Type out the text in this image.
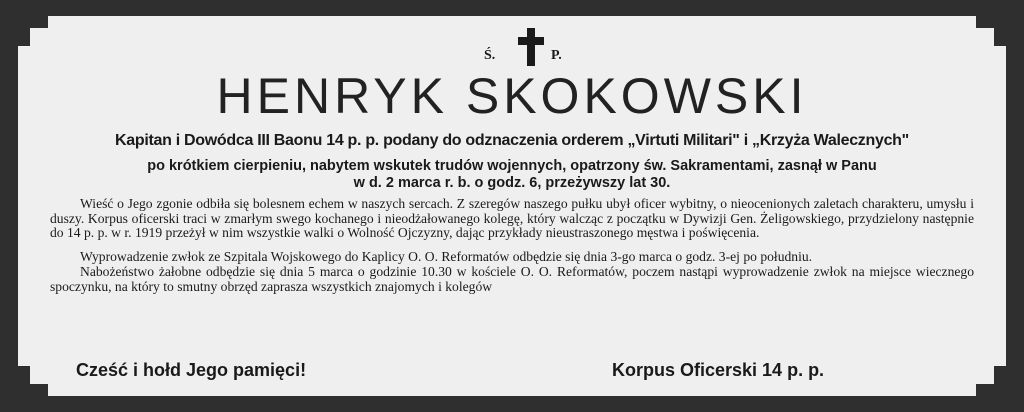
Ś.	P.
HENRYK SKOKOWSKI
Kapitan i Dowódca III Baonu 14 p. p. podany do odznaczenia orderem „Virtuti Militari" i „Krzyża Walecznych"
po krótkiem cierpieniu, nabytem wskutek trudów wojennych, opatrzony św. Sakramentami, zasnął w Panu
w d. 2 marca r. b. o godz. 6, przeżywszy lat 30.

Wieść o Jego zgonie odbiła się bolesnem echem w naszych sercach. Z szeregów naszego pułku ubył oficer wybitny, o nieocenionych zaletach charakteru, umysłu i duszy. Korpus oficerski traci w zmarłym swego kochanego i nieodżałowanego kolegę, który walcząc z początku w Dywizji Gen. Żeligowskiego, przydzielony następnie do 14 p. p. w r. 1919 przeżył w nim wszystkie walki o Wolność Ojczyzny, dając przykłady nieustraszonego męstwa i poświęcenia.

Wyprowadzenie zwłok ze Szpitala Wojskowego do Kaplicy O. O. Reformatów odbędzie się dnia 3-go marca o godz. 3-ej po południu.

Nabożeństwo żałobne odbędzie się dnia 5 marca o godzinie 10.30 w kościele O. O. Reformatów, poczem nastąpi wyprowadzenie zwłok na miejsce wiecznego spoczynku, na który to smutny obrzęd zaprasza wszystkich znajomych i kolegów

Cześć i hołd Jego pamięci!	Korpus Oficerski 14 p. p.
